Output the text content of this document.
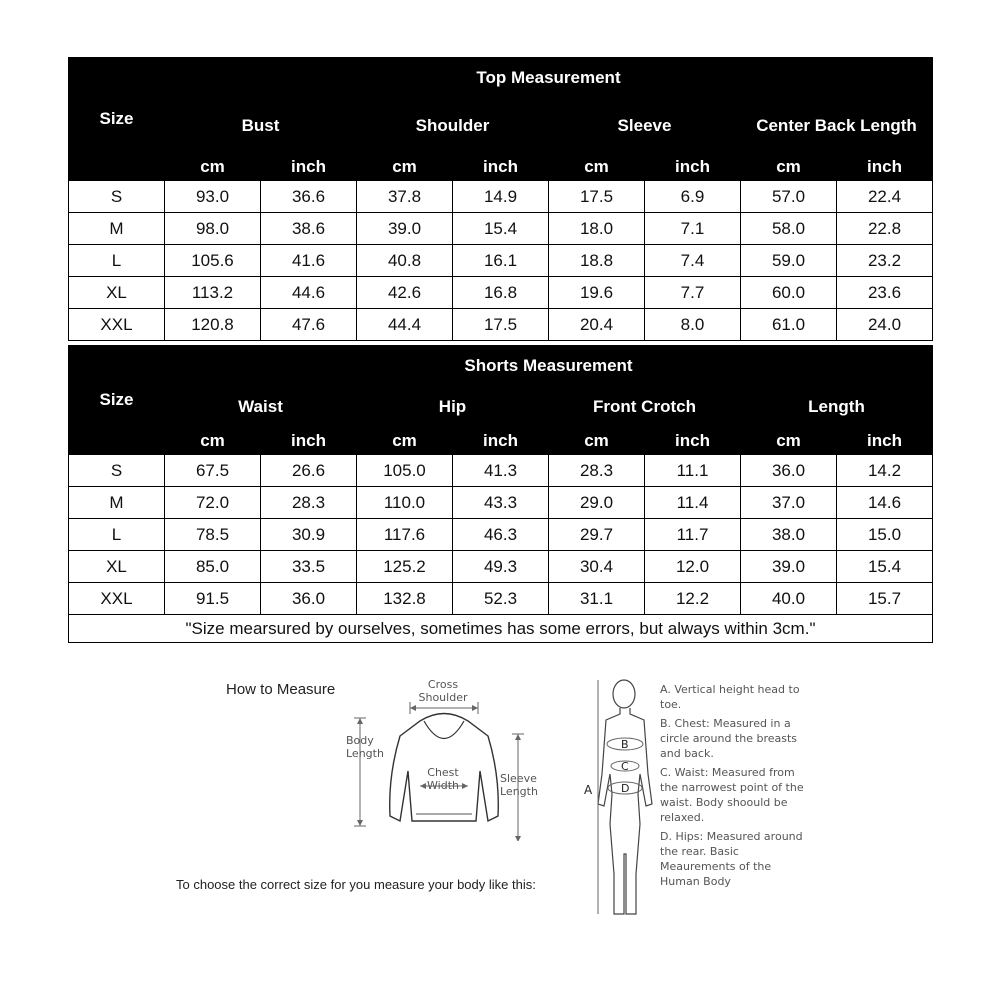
Size	Top Measurement							
	Bust		Shoulder		Sleeve		Center Back Length	
	cm	inch	cm	inch	cm	inch	cm	inch
S	93.0	36.6	37.8	14.9	17.5	6.9	57.0	22.4
M	98.0	38.6	39.0	15.4	18.0	7.1	58.0	22.8
L	105.6	41.6	40.8	16.1	18.8	7.4	59.0	23.2
XL	113.2	44.6	42.6	16.8	19.6	7.7	60.0	23.6
XXL	120.8	47.6	44.4	17.5	20.4	8.0	61.0	24.0
Size	Shorts Measurement							
	Waist		Hip		Front Crotch		Length	
	cm	inch	cm	inch	cm	inch	cm	inch
S	67.5	26.6	105.0	41.3	28.3	11.1	36.0	14.2
M	72.0	28.3	110.0	43.3	29.0	11.4	37.0	14.6
L	78.5	30.9	117.6	46.3	29.7	11.7	38.0	15.0
XL	85.0	33.5	125.2	49.3	30.4	12.0	39.0	15.4
XXL	91.5	36.0	132.8	52.3	31.1	12.2	40.0	15.7
"Size mearsured by ourselves, sometimes has some errors, but always within 3cm."								
How to Measure	Cross
Shoulder
Body
Length
Chest
Width
Sleeve
Length
To choose the correct size for you measure your body like this:
A
B
C
D
A. Vertical height head to toe.
B. Chest: Measured in a circle around the breasts and back.
C. Waist: Measured from the narrowest point of the waist. Body shoould be relaxed.
D. Hips: Measured around the rear. Basic Meaurements of the Human Body
